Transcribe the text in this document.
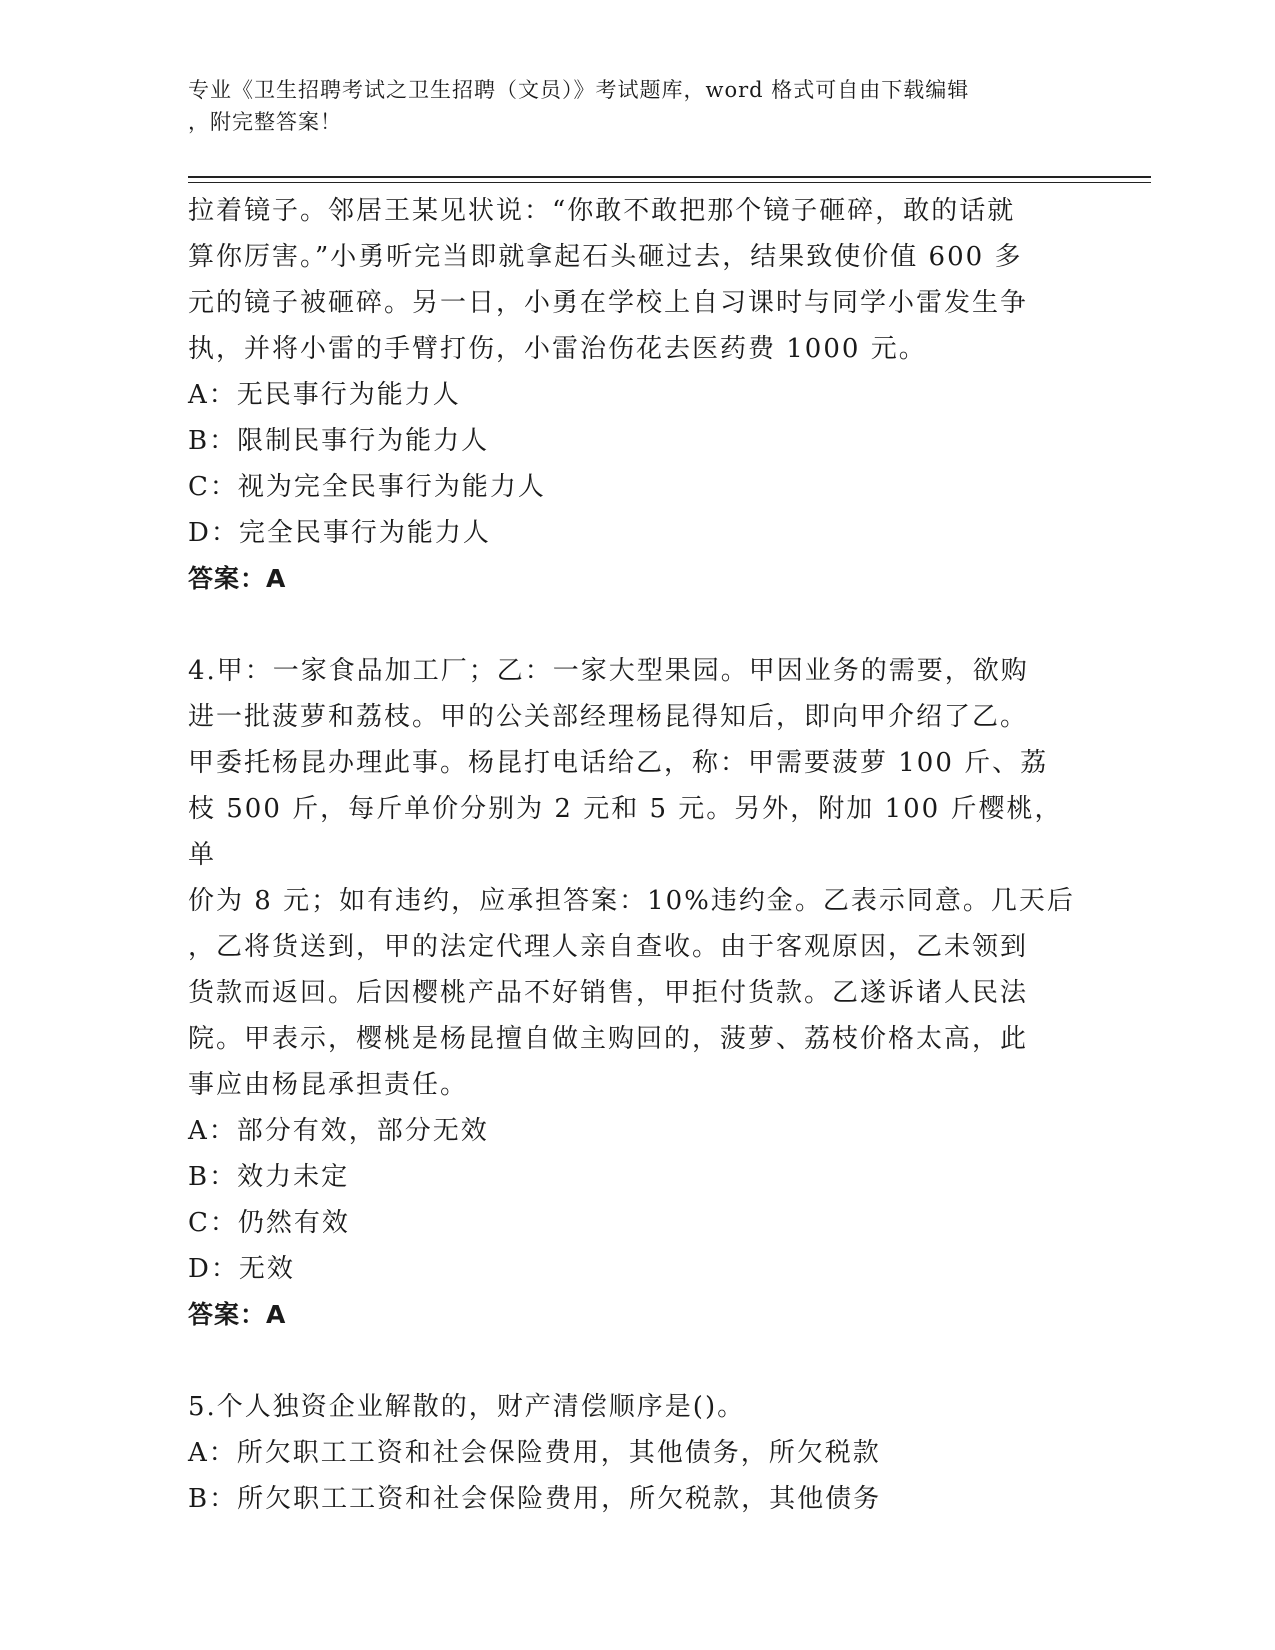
专业《卫生招聘考试之卫生招聘（文员）》考试题库，word 格式可自由下载编辑
，附完整答案！

拉着镜子。邻居王某见状说：“你敢不敢把那个镜子砸碎，敢的话就

算你厉害。”小勇听完当即就拿起石头砸过去，结果致使价值 600 多

元的镜子被砸碎。另一日，小勇在学校上自习课时与同学小雷发生争

执，并将小雷的手臂打伤，小雷治伤花去医药费 1000 元。

A：无民事行为能力人

B：限制民事行为能力人

C：视为完全民事行为能力人

D：完全民事行为能力人

答案：A

4.甲：一家食品加工厂；乙：一家大型果园。甲因业务的需要，欲购

进一批菠萝和荔枝。甲的公关部经理杨昆得知后，即向甲介绍了乙。

甲委托杨昆办理此事。杨昆打电话给乙，称：甲需要菠萝 100 斤、荔

枝 500 斤，每斤单价分别为 2 元和 5 元。另外，附加 100 斤樱桃，单

价为 8 元；如有违约，应承担答案：10%违约金。乙表示同意。几天后

，乙将货送到，甲的法定代理人亲自查收。由于客观原因，乙未领到

货款而返回。后因樱桃产品不好销售，甲拒付货款。乙遂诉诸人民法

院。甲表示，樱桃是杨昆擅自做主购回的，菠萝、荔枝价格太高，此

事应由杨昆承担责任。

A：部分有效，部分无效

B：效力未定

C：仍然有效

D：无效

答案：A

5.个人独资企业解散的，财产清偿顺序是()。

A：所欠职工工资和社会保险费用，其他债务，所欠税款

B：所欠职工工资和社会保险费用，所欠税款，其他债务
